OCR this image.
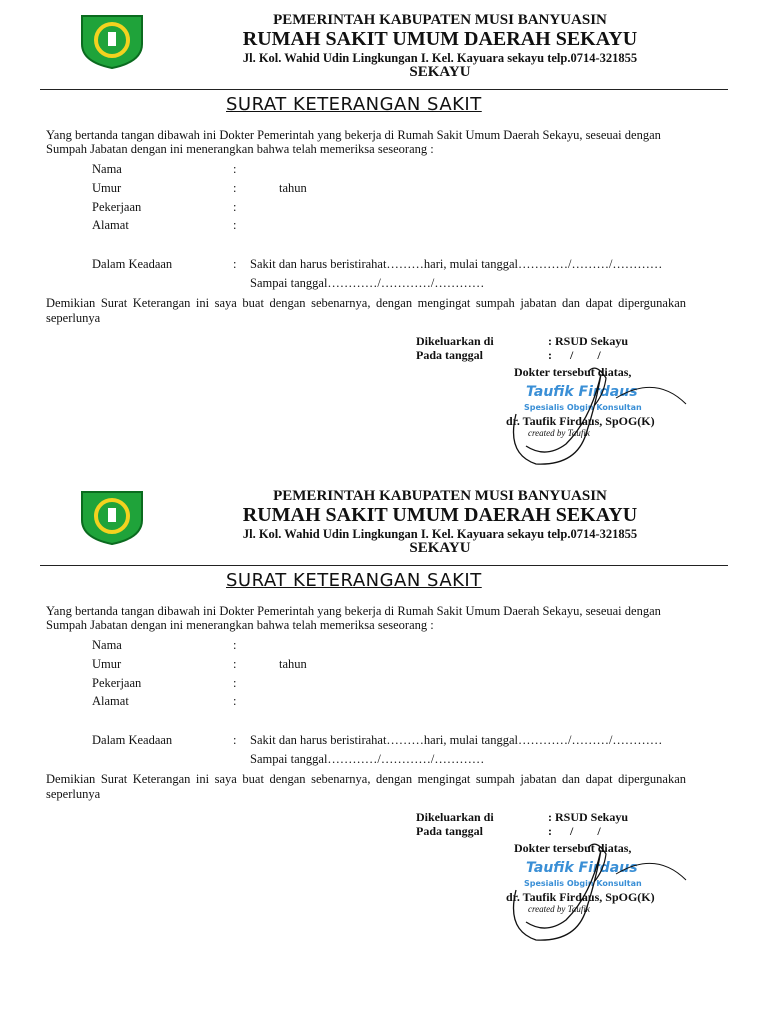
PEMERINTAH KABUPATEN MUSI BANYUASIN
RUMAH SAKIT UMUM DAERAH SEKAYU
Jl. Kol. Wahid Udin Lingkungan I. Kel. Kayuara sekayu telp.0714-321855
SEKAYU
SURAT KETERANGAN SAKIT
Yang bertanda tangan dibawah ini Dokter Pemerintah yang bekerja di Rumah Sakit Umum Daerah Sekayu, seseuai dengan Sumpah Jabatan dengan ini menerangkan bahwa telah memeriksa seseorang :
Nama	:
Umur	:	tahun
Pekerjaan	:
Alamat	:
Dalam Keadaan	: Sakit dan harus beristirahat………hari, mulai tanggal…………/………/…………
Sampai tanggal…………/…………/…………
Demikian Surat Keterangan ini saya buat dengan sebenarnya, dengan mengingat sumpah jabatan dan dapat dipergunakan seperlunya
Taufik Firdaus
Spesialis Obgin Konsultan
Dikeluarkan di	: RSUD Sekayu
Pada tanggal	:      /        /
Dokter tersebut diatas,
dr. Taufik Firdaus, SpOG(K)
created by Taufik
PEMERINTAH KABUPATEN MUSI BANYUASIN
RUMAH SAKIT UMUM DAERAH SEKAYU
Jl. Kol. Wahid Udin Lingkungan I. Kel. Kayuara sekayu telp.0714-321855
SEKAYU
SURAT KETERANGAN SAKIT
Yang bertanda tangan dibawah ini Dokter Pemerintah yang bekerja di Rumah Sakit Umum Daerah Sekayu, seseuai dengan Sumpah Jabatan dengan ini menerangkan bahwa telah memeriksa seseorang :
Nama	:
Umur	:	tahun
Pekerjaan	:
Alamat	:
Dalam Keadaan	: Sakit dan harus beristirahat………hari, mulai tanggal…………/………/…………
Sampai tanggal…………/…………/…………
Demikian Surat Keterangan ini saya buat dengan sebenarnya, dengan mengingat sumpah jabatan dan dapat dipergunakan seperlunya
Taufik Firdaus
Spesialis Obgin Konsultan
Dikeluarkan di	: RSUD Sekayu
Pada tanggal	:      /        /
Dokter tersebut diatas,
dr. Taufik Firdaus, SpOG(K)
created by Taufik
